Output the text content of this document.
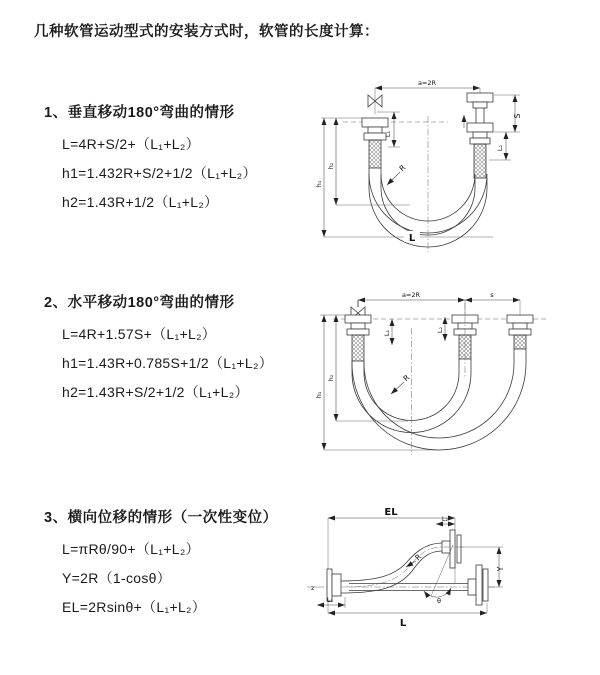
几种软管运动型式的安装方式时，软管的长度计算：
1、垂直移动180°弯曲的情形
L=4R+S/2+（L₁+L₂）
h1=1.432R+S/2+1/2（L₁+L₂）
h2=1.43R+1/2（L₁+L₂）
2、水平移动180°弯曲的情形
L=4R+1.57S+（L₁+L₂）
h1=1.43R+0.785S+1/2（L₁+L₂）
h2=1.43R+S/2+1/2（L₁+L₂）
3、横向位移的情形（一次性变位）
L=πRθ/90+（L₁+L₂）
Y=2R（1-cosθ）
EL=2Rsinθ+（L₁+L₂）
a=2R
L₁
S
L₂
h₂
h₁
L
R
a=2R	s
L₁	L₂
h₂
h₁
R
EL
L₂
z
Y
L
L₁
R
θ
